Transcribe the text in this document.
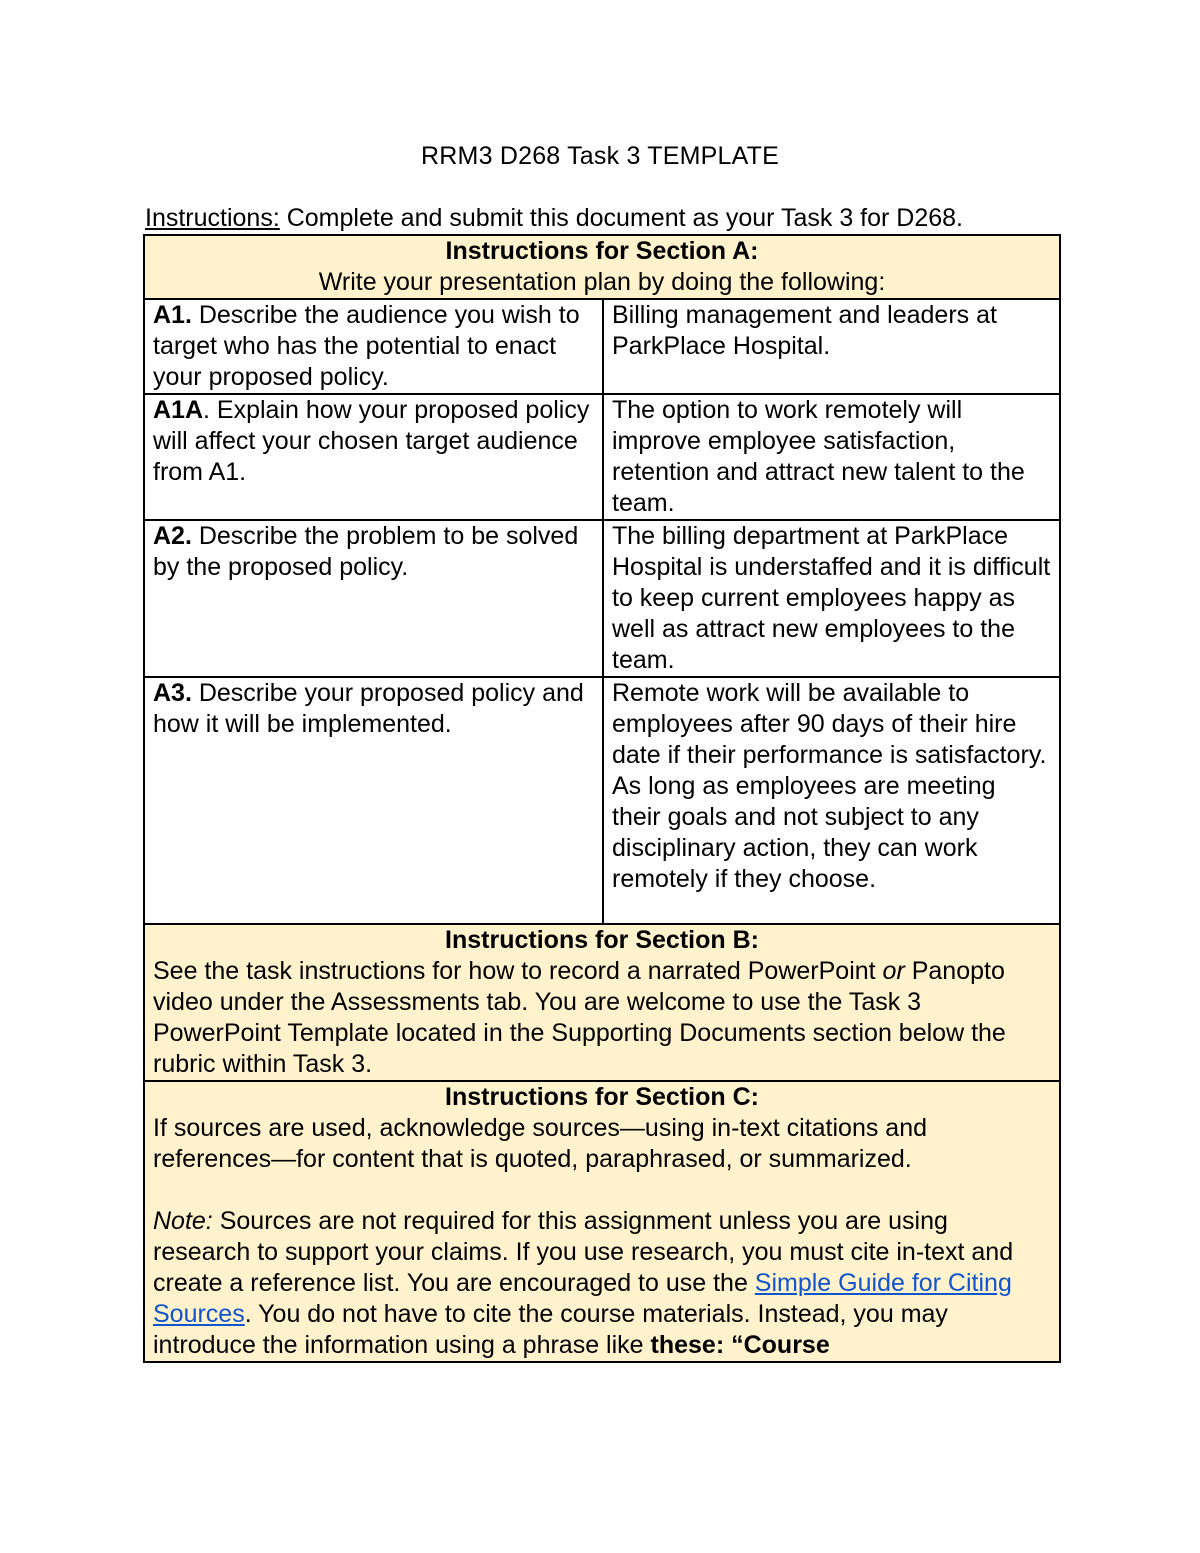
RRM3 D268 Task 3 TEMPLATE
Instructions: Complete and submit this document as your Task 3 for D268.
Instructions for Section A:
Write your presentation plan by doing the following:	

A1. Describe the audience you wish to target who has the potential to enact your proposed policy.	Billing management and leaders at ParkPlace Hospital.
A1A. Explain how your proposed policy will affect your chosen target audience from A1.	The option to work remotely will improve employee satisfaction, retention and attract new talent to the team.
A2. Describe the problem to be solved by the proposed policy.	The billing department at ParkPlace Hospital is understaffed and it is difficult to keep current employees happy as well as attract new employees to the team.
A3. Describe your proposed policy and how it will be implemented.	Remote work will be available to employees after 90 days of their hire date if their performance is satisfactory. As long as employees are meeting their goals and not subject to any disciplinary action, they can work remotely if they choose.

Instructions for Section B:
See the task instructions for how to record a narrated PowerPoint or Panopto video under the Assessments tab. You are welcome to use the Task 3 PowerPoint Template located in the Supporting Documents section below the rubric within Task 3.	

Instructions for Section C:
If sources are used, acknowledge sources—using in-text citations and references—for content that is quoted, paraphrased, or summarized.
Note: Sources are not required for this assignment unless you are using research to support your claims. If you use research, you must cite in-text and create a reference list. You are encouraged to use the Simple Guide for Citing Sources. You do not have to cite the course materials. Instead, you may introduce the information using a phrase like these: “Course	
